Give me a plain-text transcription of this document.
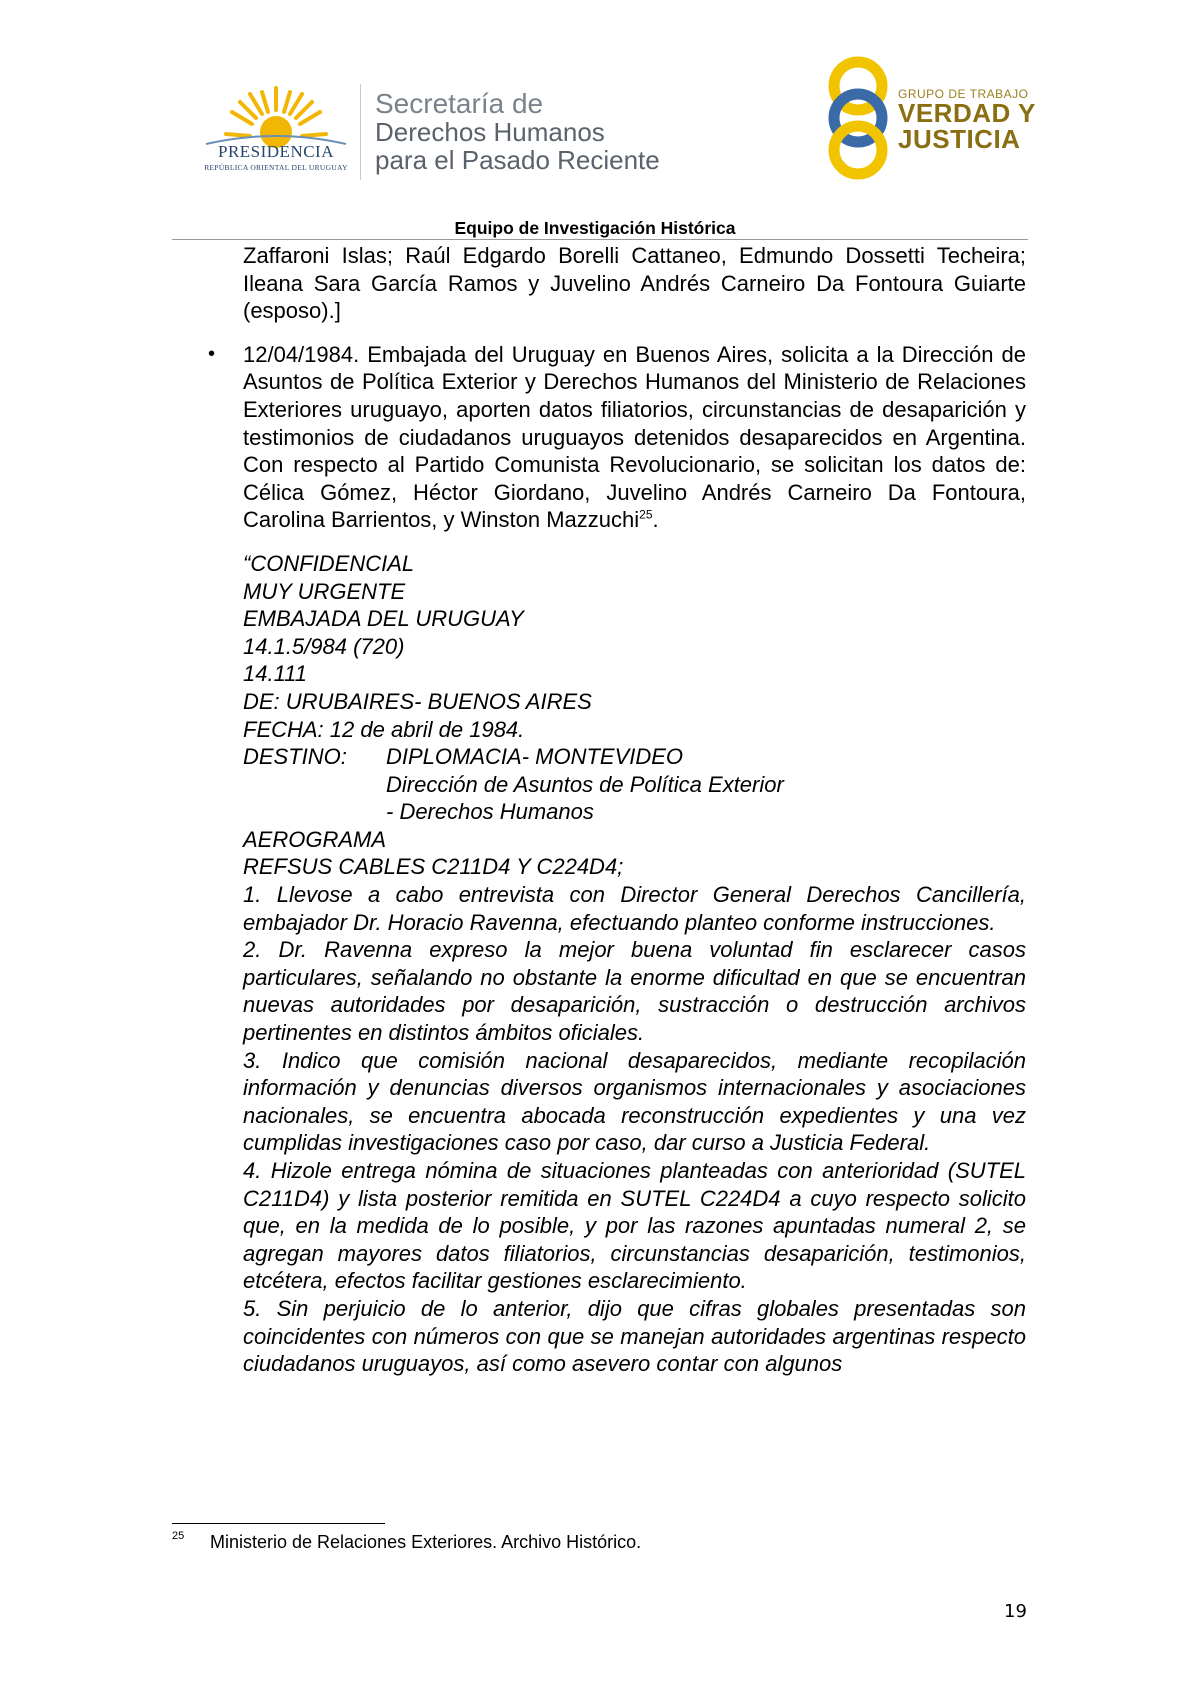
PRESIDENCIA
REPÚBLICA ORIENTAL DEL URUGUAY
Secretaría de
Derechos Humanos
para el Pasado Reciente
GRUPO DE TRABAJO
VERDAD Y
JUSTICIA
Equipo de Investigación Histórica

Zaffaroni Islas; Raúl Edgardo Borelli Cattaneo, Edmundo Dossetti Techeira; Ileana Sara García Ramos y Juvelino Andrés Carneiro Da Fontoura Guiarte (esposo).]

• 12/04/1984. Embajada del Uruguay en Buenos Aires, solicita a la Dirección de Asuntos de Política Exterior y Derechos Humanos del Ministerio de Relaciones Exteriores uruguayo, aporten datos filiatorios, circunstancias de desaparición y testimonios de ciudadanos uruguayos detenidos desaparecidos en Argentina. Con respecto al Partido Comunista Revolucionario, se solicitan los datos de: Célica Gómez, Héctor Giordano, Juvelino Andrés Carneiro Da Fontoura, Carolina Barrientos, y Winston Mazzuchi$^{25}$.

“CONFIDENCIAL
MUY URGENTE
EMBAJADA DEL URUGUAY
14.1.5/984 (720)
14.111
DE: URUBAIRES- BUENOS AIRES
FECHA: 12 de abril de 1984.
DESTINO:	DIPLOMACIA- MONTEVIDEO
Dirección de Asuntos de Política Exterior
- Derechos Humanos
AEROGRAMA
REFSUS CABLES C211D4 Y C224D4;

1. Llevose a cabo entrevista con Director General Derechos Cancillería, embajador Dr. Horacio Ravenna, efectuando planteo conforme instrucciones.

2. Dr. Ravenna expreso la mejor buena voluntad fin esclarecer casos particulares, señalando no obstante la enorme dificultad en que se encuentran nuevas autoridades por desaparición, sustracción o destrucción archivos pertinentes en distintos ámbitos oficiales.

3. Indico que comisión nacional desaparecidos, mediante recopilación información y denuncias diversos organismos internacionales y asociaciones nacionales, se encuentra abocada reconstrucción expedientes y una vez cumplidas investigaciones caso por caso, dar curso a Justicia Federal.

4. Hizole entrega nómina de situaciones planteadas con anterioridad (SUTEL C211D4) y lista posterior remitida en SUTEL C224D4 a cuyo respecto solicito que, en la medida de lo posible, y por las razones apuntadas numeral 2, se agregan mayores datos filiatorios, circunstancias desaparición, testimonios, etcétera, efectos facilitar gestiones esclarecimiento.

5. Sin perjuicio de lo anterior, dijo que cifras globales presentadas son coincidentes con números con que se manejan autoridades argentinas respecto ciudadanos uruguayos, así como asevero contar con algunos

25 Ministerio de Relaciones Exteriores. Archivo Histórico.
19
